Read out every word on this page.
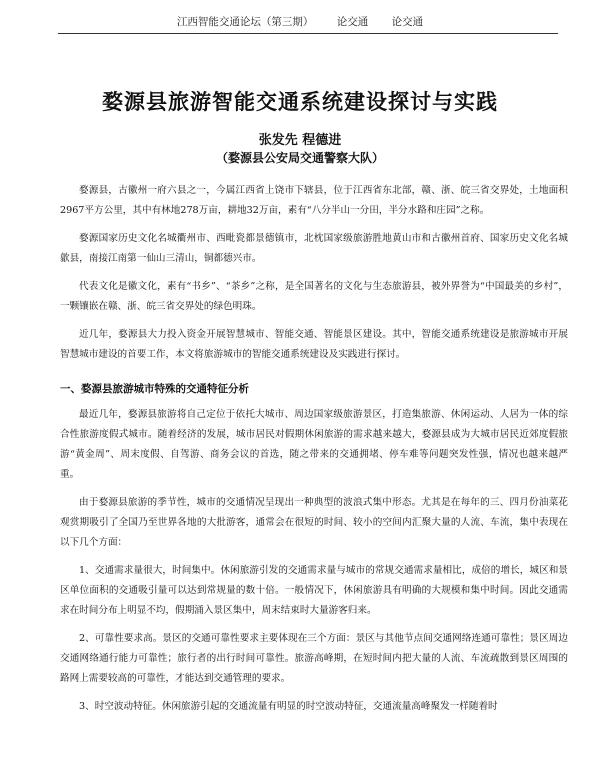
江西智能交通论坛（第三期） 论交通 论交通
婺源县旅游智能交通系统建设探讨与实践
张发先 程德进
（婺源县公安局交通警察大队）

婺源县，古徽州一府六县之一，今属江西省上饶市下辖县，位于江西省东北部，赣、浙、皖三省交界处，土地面积2967平方公里，其中有林地278万亩，耕地32万亩，素有“八分半山一分田，半分水路和庄园”之称。

婺源国家历史文化名城衢州市、西毗瓷都景德镇市，北枕国家级旅游胜地黄山市和古徽州首府、国家历史文化名城歙县，南接江南第一仙山三清山，铜都德兴市。

代表文化是徽文化，素有“书乡”、“茶乡”之称，是全国著名的文化与生态旅游县，被外界誉为“中国最美的乡村”，一颗镶嵌在赣、浙、皖三省交界处的绿色明珠。

近几年，婺源县大力投入资金开展智慧城市、智能交通、智能景区建设。其中，智能交通系统建设是旅游城市开展智慧城市建设的首要工作，本文将旅游城市的智能交通系统建设及实践进行探讨。

一、婺源县旅游城市特殊的交通特征分析

最近几年，婺源县旅游将自己定位于依托大城市、周边国家级旅游景区，打造集旅游、休闲运动、人居为一体的综合性旅游度假式城市。随着经济的发展，城市居民对假期休闲旅游的需求越来越大，婺源县成为大城市居民近郊度假旅游“黄金周”、周末度假、自驾游、商务会议的首选，随之带来的交通拥堵、停车难等问题突发性强，情况也越来越严重。

由于婺源县旅游的季节性，城市的交通情况呈现出一种典型的波浪式集中形态。尤其是在每年的三、四月份油菜花观赏期吸引了全国乃至世界各地的大批游客，通常会在很短的时间、较小的空间内汇聚大量的人流、车流，集中表现在以下几个方面：

1、交通需求量很大，时间集中。休闲旅游引发的交通需求量与城市的常规交通需求量相比，成倍的增长，城区和景区单位面积的交通吸引量可以达到常规量的数十倍。一般情况下，休闲旅游具有明确的大规模和集中时间。因此交通需求在时间分布上明显不均，假期涌入景区集中，周末结束时大量游客归来。

2、可靠性要求高。景区的交通可靠性要求主要体现在三个方面：景区与其他节点间交通网络连通可靠性；景区周边交通网络通行能力可靠性；旅行者的出行时间可靠性。旅游高峰期，在短时间内把大量的人流、车流疏散到景区周围的路网上需要较高的可靠性，才能达到交通管理的要求。

3、时空波动特征。休闲旅游引起的交通流量有明显的时空波动特征，交通流量高峰聚发一样随着时
